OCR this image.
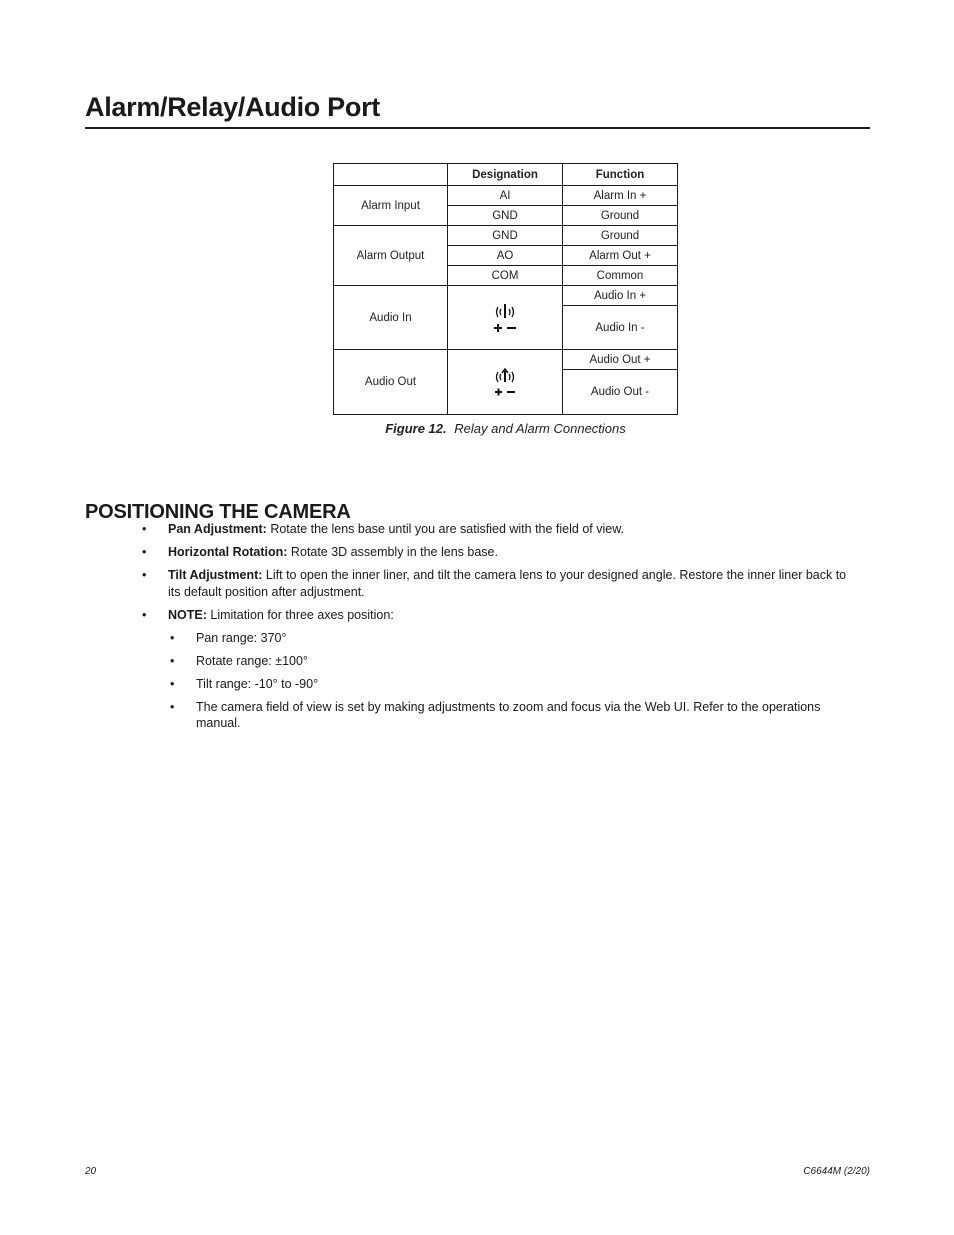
Alarm/Relay/Audio Port
	Designation	Function
Alarm Input	AI	Alarm In +
	GND	Ground
Alarm Output	GND	Ground
	AO	Alarm Out +
	COM	Common
Audio In		Audio In +
		Audio In -
Audio Out		Audio Out +
		Audio Out -
Figure 12. Relay and Alarm Connections
POSITIONING THE CAMERA
• Pan Adjustment: Rotate the lens base until you are satisfied with the field of view.
• Horizontal Rotation: Rotate 3D assembly in the lens base.
• Tilt Adjustment: Lift to open the inner liner, and tilt the camera lens to your designed angle. Restore the inner liner back to its default position after adjustment.
• NOTE: Limitation for three axes position:
• Pan range: 370°
• Rotate range: ±100°
• Tilt range: -10° to -90°
• The camera field of view is set by making adjustments to zoom and focus via the Web UI. Refer to the operations manual.
20	C6644M (2/20)
